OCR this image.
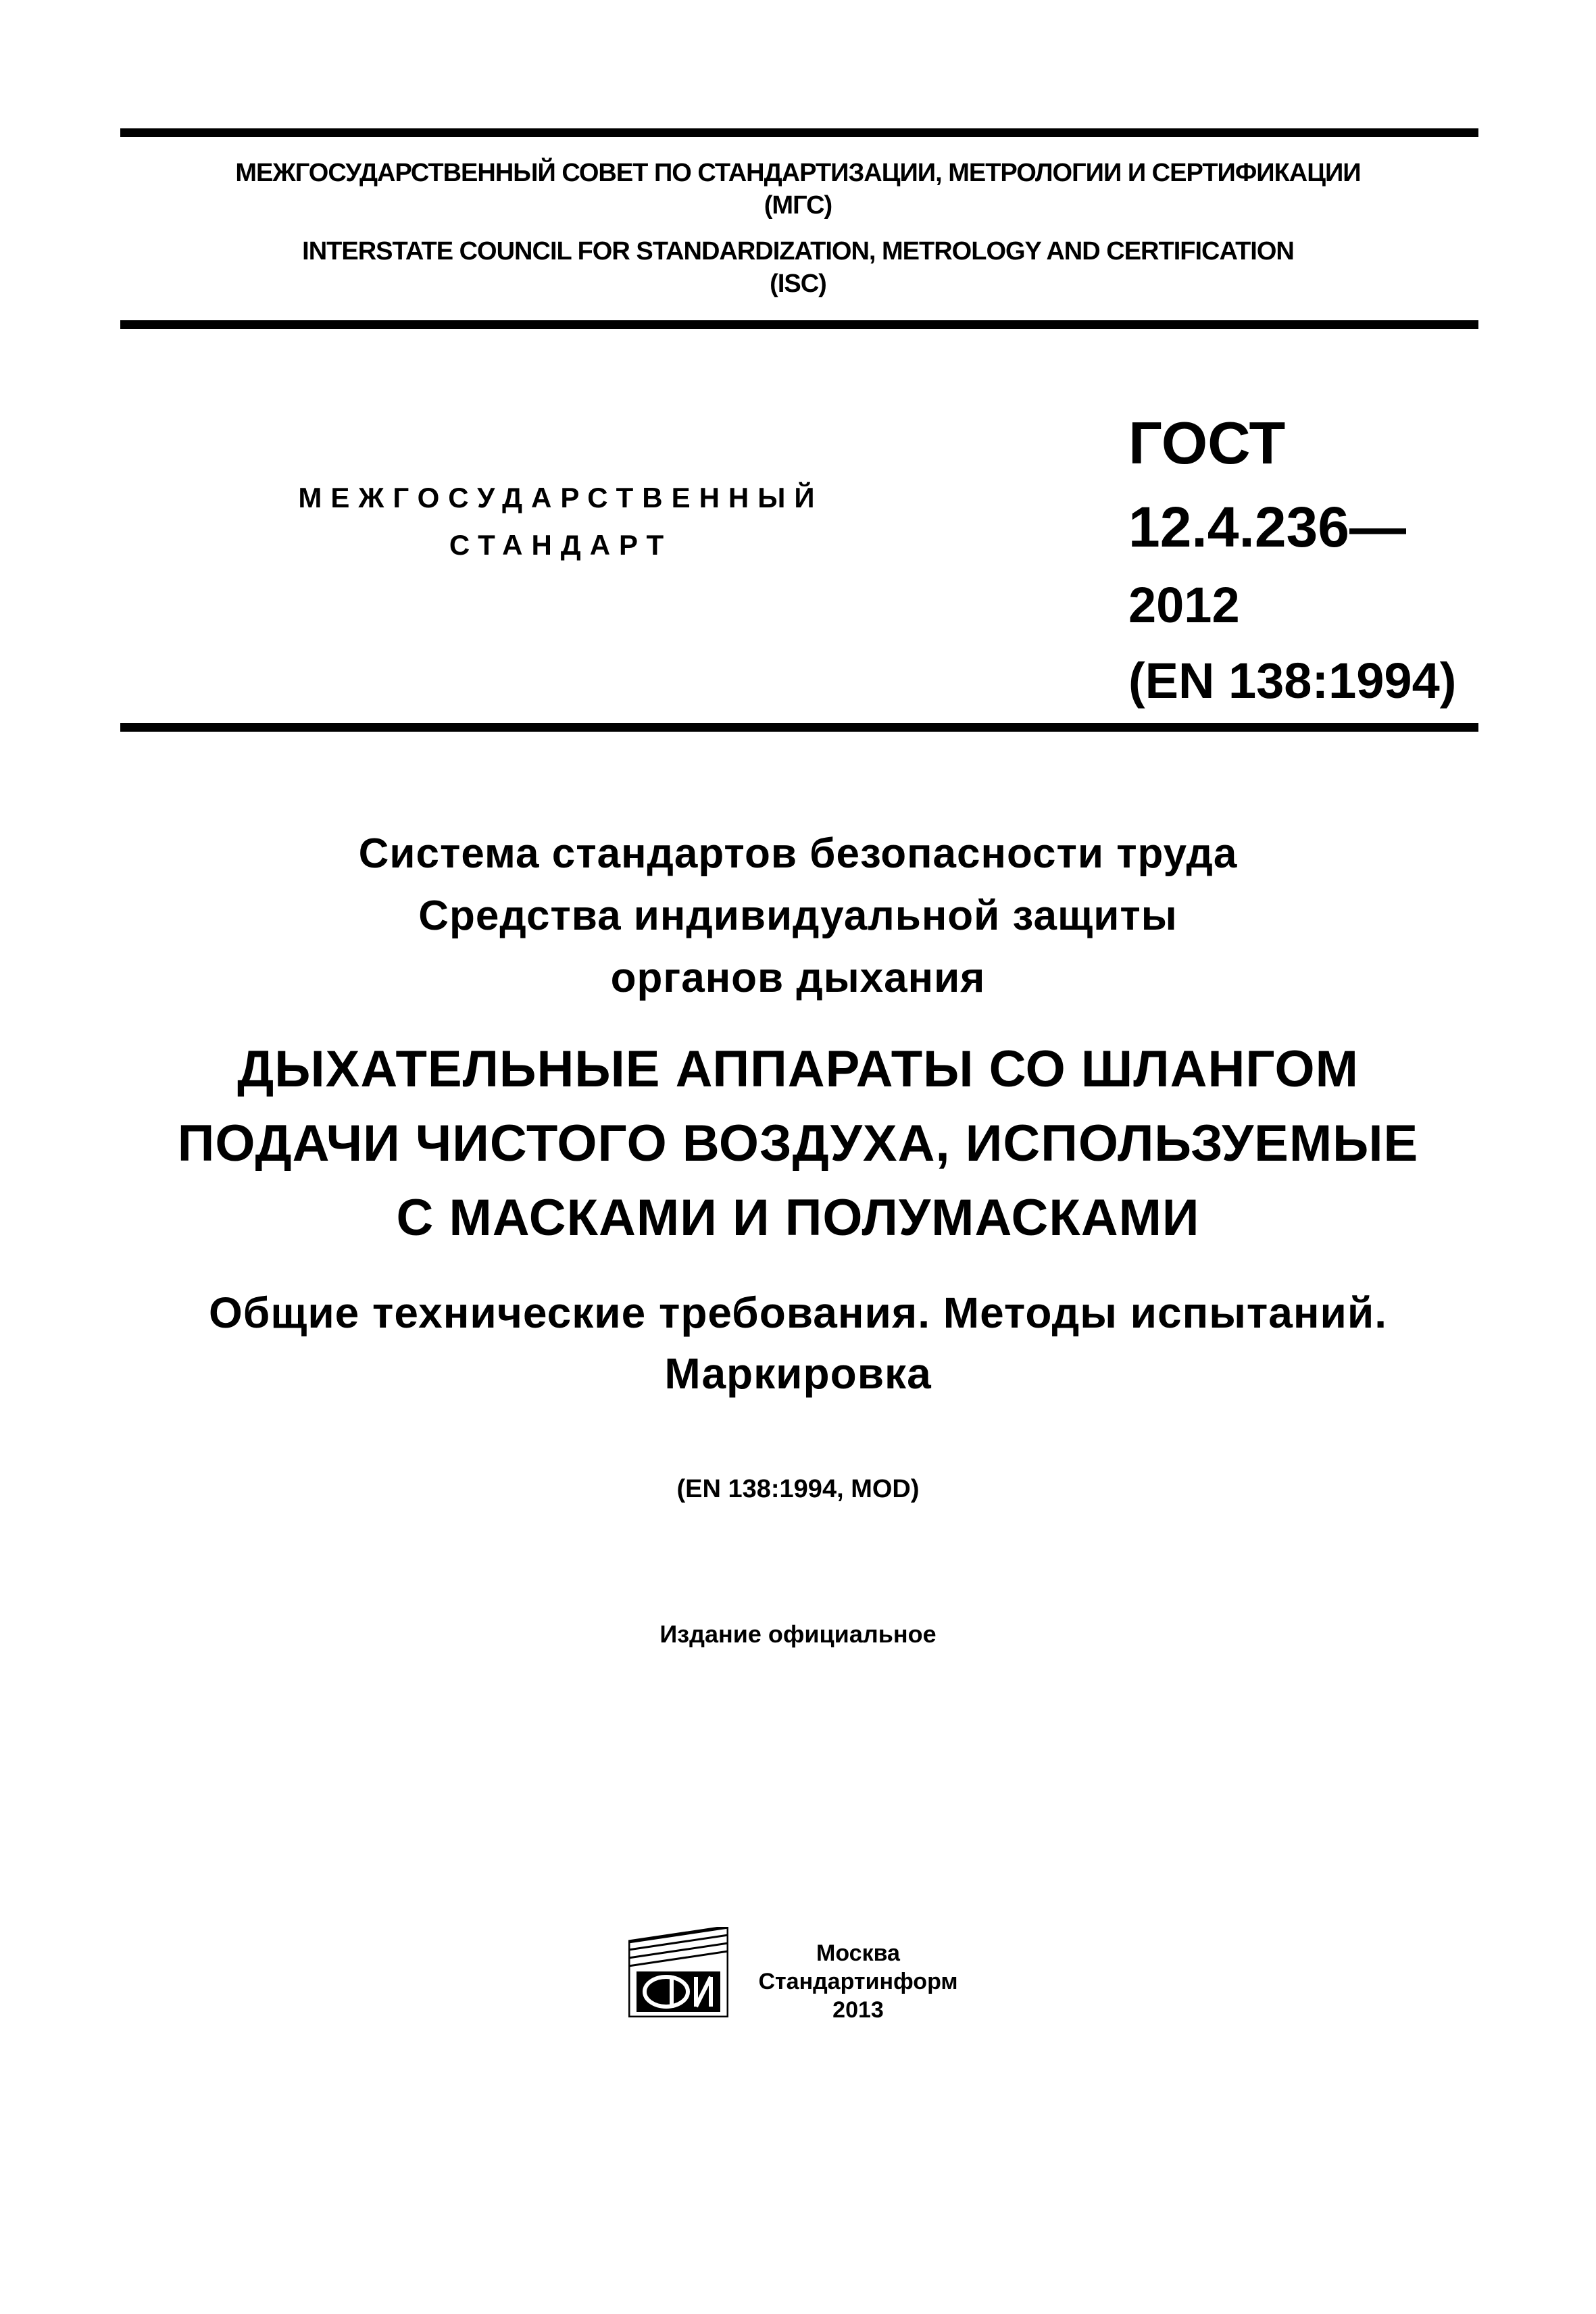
МЕЖГОСУДАРСТВЕННЫЙ СОВЕТ ПО СТАНДАРТИЗАЦИИ, МЕТРОЛОГИИ И СЕРТИФИКАЦИИ
(МГС)
INTERSTATE COUNCIL FOR STANDARDIZATION, METROLOGY AND CERTIFICATION
(ISC)
МЕЖГОСУДАРСТВЕННЫЙ
СТАНДАРТ
ГОСТ
12.4.236—
2012
(EN 138:1994)
Система стандартов безопасности труда
Средства индивидуальной защиты
органов дыхания
ДЫХАТЕЛЬНЫЕ АППАРАТЫ СО ШЛАНГОМ
ПОДАЧИ ЧИСТОГО ВОЗДУХА, ИСПОЛЬЗУЕМЫЕ
С МАСКАМИ И ПОЛУМАСКАМИ
Общие технические требования. Методы испытаний.
Маркировка
(EN 138:1994, MOD)
Издание официальное
Москва
Стандартинформ
2013
